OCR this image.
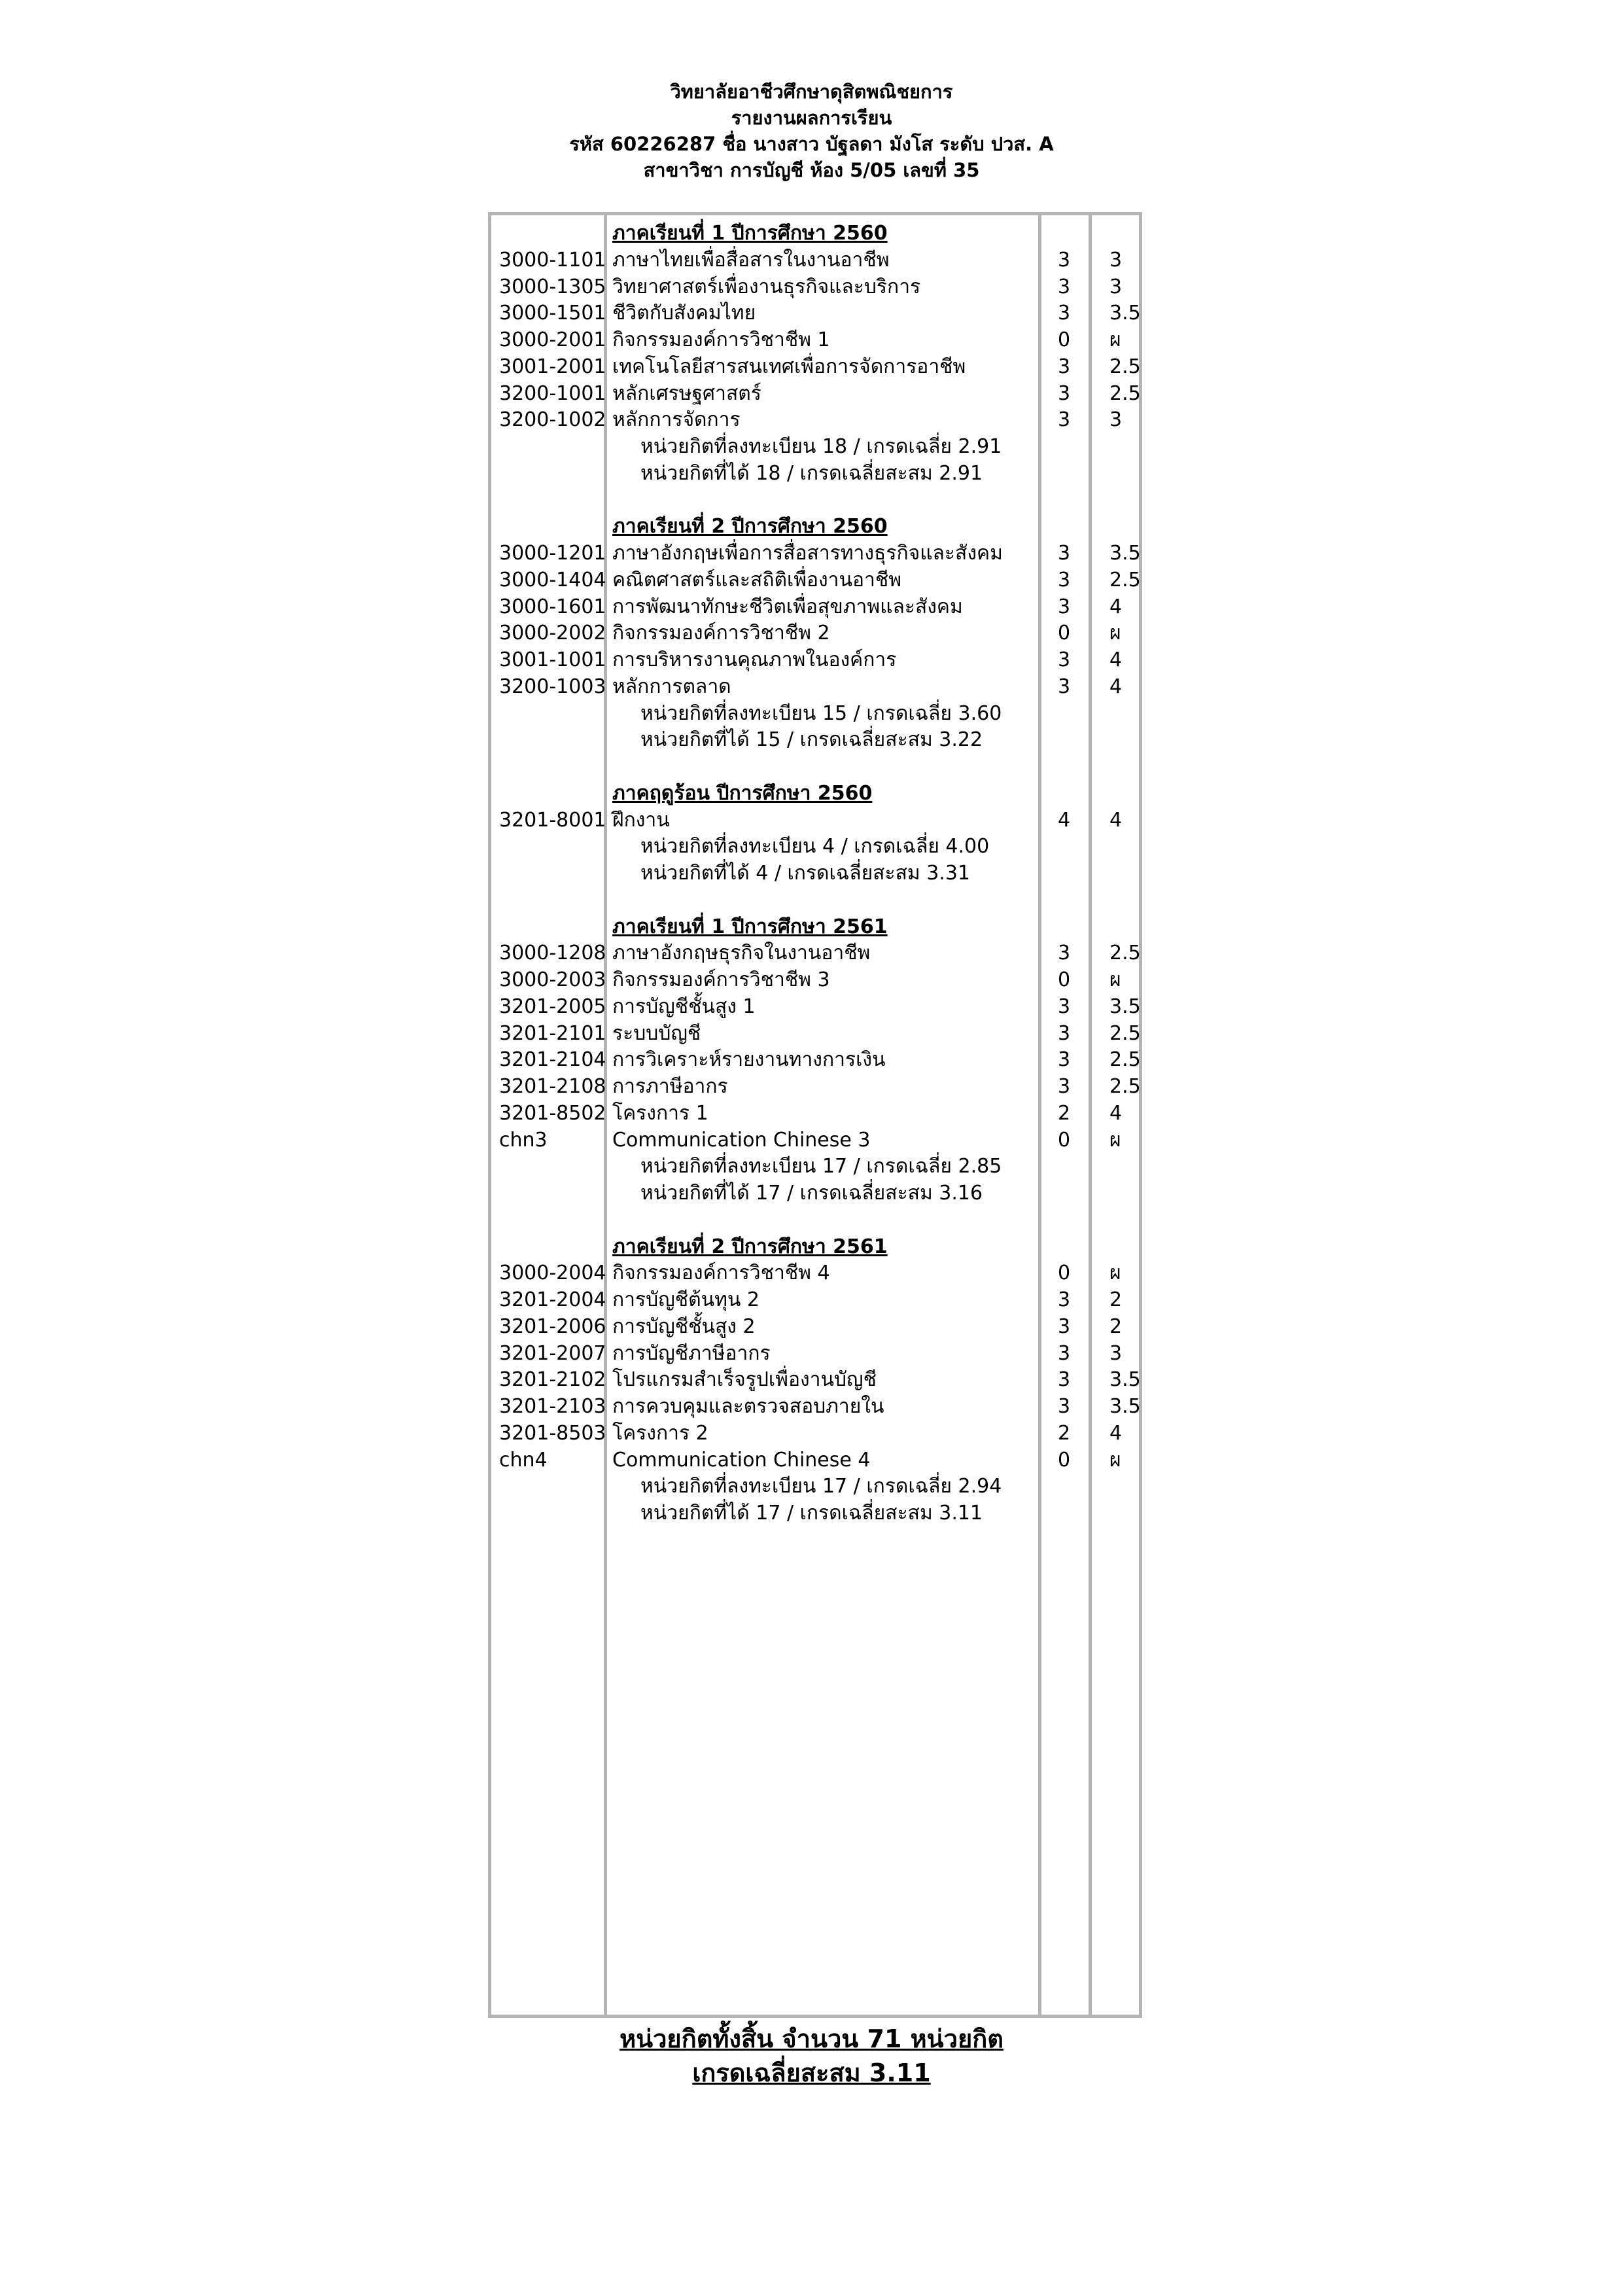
วิทยาลัยอาชีวศึกษาดุสิตพณิชยการ
รายงานผลการเรียน
รหัส 60226287 ชื่อ นางสาว บัฐลดา มังโส ระดับ ปวส. A
สาขาวิชา การบัญชี ห้อง 5/05 เลขที่ 35
ภาคเรียนที่ 1 ปีการศึกษา 2560
3000-1101 ภาษาไทยเพื่อสื่อสารในงานอาชีพ	3 3
3000-1305 วิทยาศาสตร์เพื่องานธุรกิจและบริการ	3 3
3000-1501 ชีวิตกับสังคมไทย	3 3.5
3000-2001 กิจกรรมองค์การวิชาชีพ 1	0 ผ
3001-2001 เทคโนโลยีสารสนเทศเพื่อการจัดการอาชีพ	3 2.5
3200-1001 หลักเศรษฐศาสตร์	3 2.5
3200-1002 หลักการจัดการ	3 3
หน่วยกิตที่ลงทะเบียน 18 / เกรดเฉลี่ย 2.91
หน่วยกิตที่ได้ 18 / เกรดเฉลี่ยสะสม 2.91
ภาคเรียนที่ 2 ปีการศึกษา 2560
3000-1201 ภาษาอังกฤษเพื่อการสื่อสารทางธุรกิจและสังคม	3 3.5
3000-1404 คณิตศาสตร์และสถิติเพื่องานอาชีพ	3 2.5
3000-1601 การพัฒนาทักษะชีวิตเพื่อสุขภาพและสังคม	3 4
3000-2002 กิจกรรมองค์การวิชาชีพ 2	0 ผ
3001-1001 การบริหารงานคุณภาพในองค์การ	3 4
3200-1003 หลักการตลาด	3 4
หน่วยกิตที่ลงทะเบียน 15 / เกรดเฉลี่ย 3.60
หน่วยกิตที่ได้ 15 / เกรดเฉลี่ยสะสม 3.22
ภาคฤดูร้อน ปีการศึกษา 2560
3201-8001 ฝึกงาน	4 4
หน่วยกิตที่ลงทะเบียน 4 / เกรดเฉลี่ย 4.00
หน่วยกิตที่ได้ 4 / เกรดเฉลี่ยสะสม 3.31
ภาคเรียนที่ 1 ปีการศึกษา 2561
3000-1208 ภาษาอังกฤษธุรกิจในงานอาชีพ	3 2.5
3000-2003 กิจกรรมองค์การวิชาชีพ 3	0 ผ
3201-2005 การบัญชีชั้นสูง 1	3 3.5
3201-2101 ระบบบัญชี	3 2.5
3201-2104 การวิเคราะห์รายงานทางการเงิน	3 2.5
3201-2108 การภาษีอากร	3 2.5
3201-8502 โครงการ 1	2 4
chn3	Communication Chinese 3	0 ผ
หน่วยกิตที่ลงทะเบียน 17 / เกรดเฉลี่ย 2.85
หน่วยกิตที่ได้ 17 / เกรดเฉลี่ยสะสม 3.16
ภาคเรียนที่ 2 ปีการศึกษา 2561
3000-2004 กิจกรรมองค์การวิชาชีพ 4	0 ผ
3201-2004 การบัญชีต้นทุน 2	3 2
3201-2006 การบัญชีชั้นสูง 2	3 2
3201-2007 การบัญชีภาษีอากร	3 3
3201-2102 โปรแกรมสำเร็จรูปเพื่องานบัญชี	3 3.5
3201-2103 การควบคุมและตรวจสอบภายใน	3 3.5
3201-8503 โครงการ 2	2 4
chn4	Communication Chinese 4	0 ผ
หน่วยกิตที่ลงทะเบียน 17 / เกรดเฉลี่ย 2.94
หน่วยกิตที่ได้ 17 / เกรดเฉลี่ยสะสม 3.11
หน่วยกิตทั้งสิ้น จำนวน 71 หน่วยกิต
เกรดเฉลี่ยสะสม 3.11
